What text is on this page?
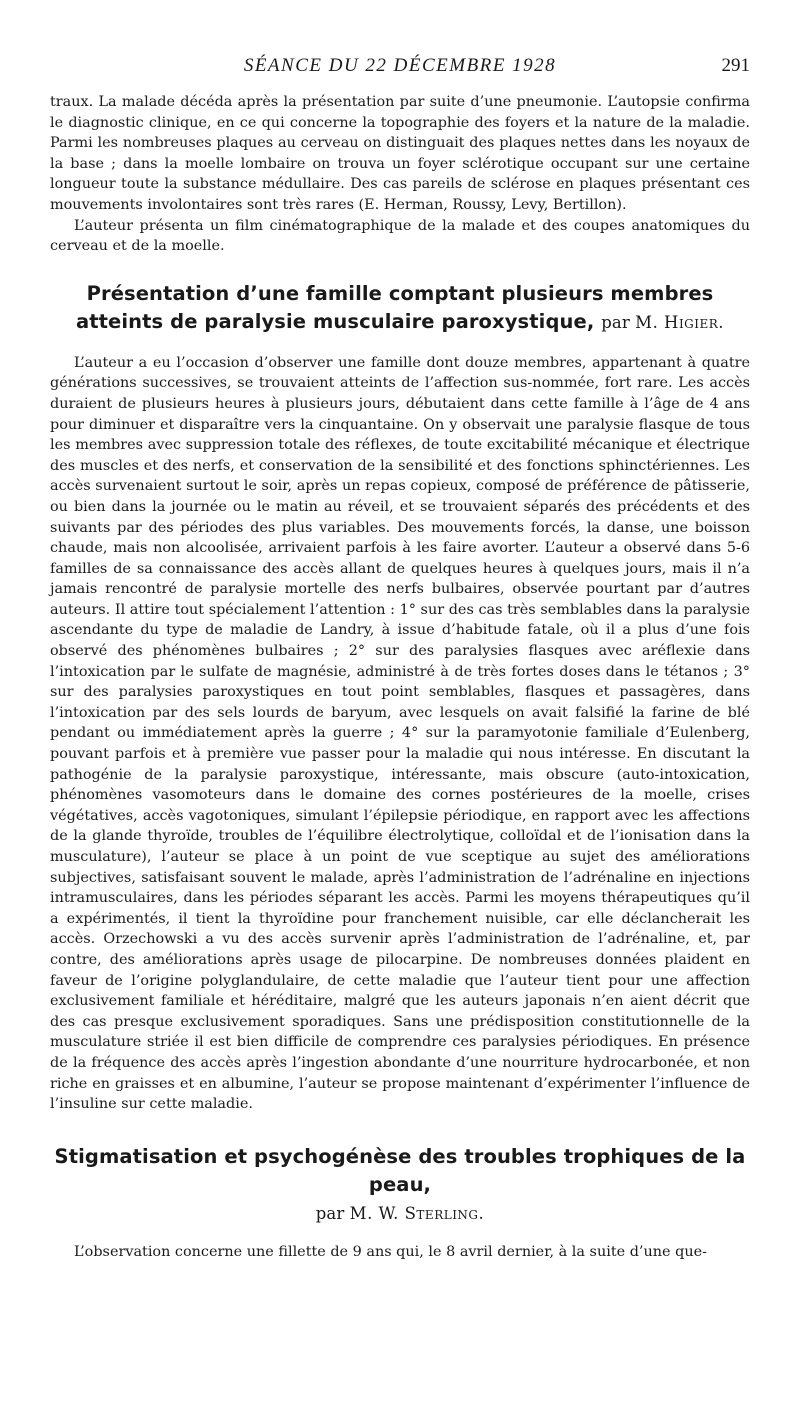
SÉANCE DU 22 DÉCEMBRE 1928	291

traux. La malade décéda après la présentation par suite d’une pneumonie. L’autopsie confirma le diagnostic clinique, en ce qui concerne la topographie des foyers et la nature de la maladie. Parmi les nombreuses plaques au cerveau on distinguait des plaques nettes dans les noyaux de la base ; dans la moelle lombaire on trouva un foyer sclérotique occupant sur une certaine longueur toute la substance médullaire. Des cas pareils de sclérose en plaques présentant ces mouvements involontaires sont très rares (E. Herman, Roussy, Levy, Bertillon).

L’auteur présenta un film cinématographique de la malade et des coupes anatomiques du cerveau et de la moelle.

Présentation d’une famille comptant plusieurs membres atteints de paralysie musculaire paroxystique, par M. Higier.

L’auteur a eu l’occasion d’observer une famille dont douze membres, appartenant à quatre générations successives, se trouvaient atteints de l’affection sus-nommée, fort rare. Les accès duraient de plusieurs heures à plusieurs jours, débutaient dans cette famille à l’âge de 4 ans pour diminuer et disparaître vers la cinquantaine. On y observait une paralysie flasque de tous les membres avec suppression totale des réflexes, de toute excitabilité mécanique et électrique des muscles et des nerfs, et conservation de la sensibilité et des fonctions sphinctériennes. Les accès survenaient surtout le soir, après un repas copieux, composé de préférence de pâtisserie, ou bien dans la journée ou le matin au réveil, et se trouvaient séparés des précédents et des suivants par des périodes des plus variables. Des mouvements forcés, la danse, une boisson chaude, mais non alcoolisée, arrivaient parfois à les faire avorter. L’auteur a observé dans 5-6 familles de sa connaissance des accès allant de quelques heures à quelques jours, mais il n’a jamais rencontré de paralysie mortelle des nerfs bulbaires, observée pourtant par d’autres auteurs. Il attire tout spécialement l’attention : 1° sur des cas très semblables dans la paralysie ascendante du type de maladie de Landry, à issue d’habitude fatale, où il a plus d’une fois observé des phénomènes bulbaires ; 2° sur des paralysies flasques avec aréflexie dans l’intoxication par le sulfate de magnésie, administré à de très fortes doses dans le tétanos ; 3° sur des paralysies paroxystiques en tout point semblables, flasques et passagères, dans l’intoxication par des sels lourds de baryum, avec lesquels on avait falsifié la farine de blé pendant ou immédiatement après la guerre ; 4° sur la paramyotonie familiale d’Eulenberg, pouvant parfois et à première vue passer pour la maladie qui nous intéresse. En discutant la pathogénie de la paralysie paroxystique, intéressante, mais obscure (auto-intoxication, phénomènes vasomoteurs dans le domaine des cornes postérieures de la moelle, crises végétatives, accès vagotoniques, simulant l’épilepsie périodique, en rapport avec les affections de la glande thyroïde, troubles de l’équilibre électrolytique, colloïdal et de l’ionisation dans la musculature), l’auteur se place à un point de vue sceptique au sujet des améliorations subjectives, satisfaisant souvent le malade, après l’administration de l’adrénaline en injections intramusculaires, dans les périodes séparant les accès. Parmi les moyens thérapeutiques qu’il a expérimentés, il tient la thyroïdine pour franchement nuisible, car elle déclancherait les accès. Orzechowski a vu des accès survenir après l’administration de l’adrénaline, et, par contre, des améliorations après usage de pilocarpine. De nombreuses données plaident en faveur de l’origine polyglandulaire, de cette maladie que l’auteur tient pour une affection exclusivement familiale et héréditaire, malgré que les auteurs japonais n’en aient décrit que des cas presque exclusivement sporadiques. Sans une prédisposition constitutionnelle de la musculature striée il est bien difficile de comprendre ces paralysies périodiques. En présence de la fréquence des accès après l’ingestion abondante d’une nourriture hydrocarbonée, et non riche en graisses et en albumine, l’auteur se propose maintenant d’expérimenter l’influence de l’insuline sur cette maladie.

Stigmatisation et psychogénèse des troubles trophiques de la peau,
par M. W. Sterling.

L’observation concerne une fillette de 9 ans qui, le 8 avril dernier, à la suite d’une que-
